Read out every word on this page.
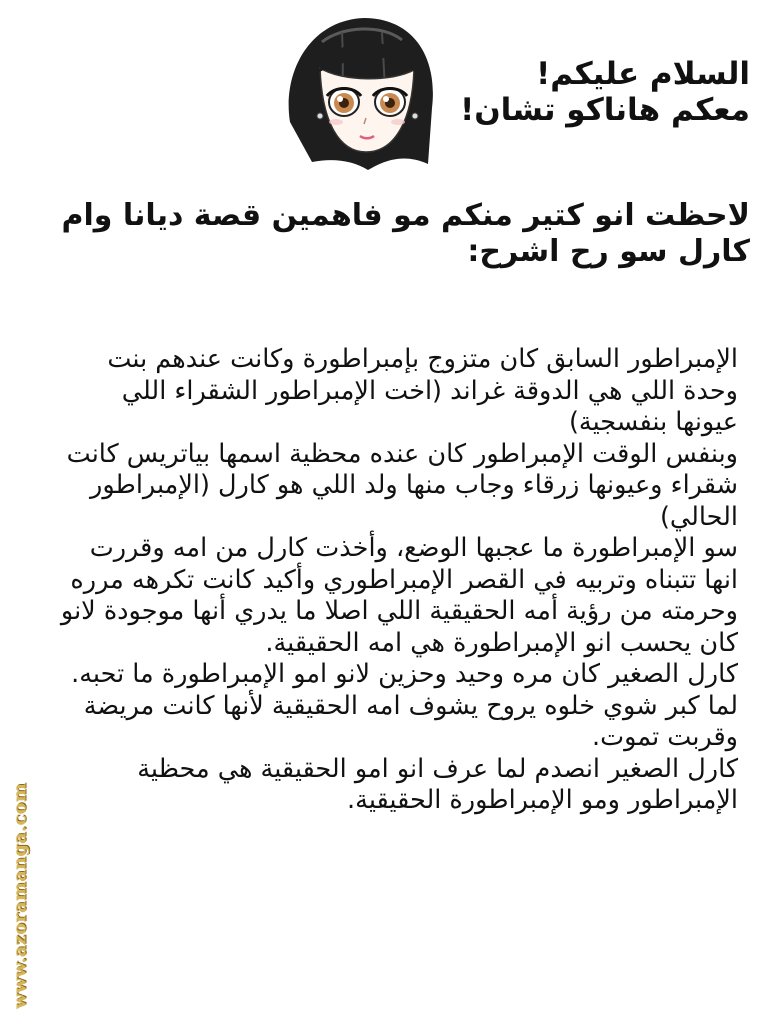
السلام عليكم!

معكم هاناكو تشان!

لاحظت انو كتير منكم مو فاهمين قصة ديانا وام كارل سو رح اشرح:

الإمبراطور السابق كان متزوج بإمبراطورة وكانت عندهم بنت وحدة اللي هي الدوقة غراند (اخت الإمبراطور الشقراء اللي عيونها بنفسجية)

وبنفس الوقت الإمبراطور كان عنده محظية اسمها بياتريس كانت شقراء وعيونها زرقاء وجاب منها ولد اللي هو كارل (الإمبراطور الحالي)

سو الإمبراطورة ما عجبها الوضع، وأخذت كارل من امه وقررت انها تتبناه وتربيه في القصر الإمبراطوري وأكيد كانت تكرهه مرره وحرمته من رؤية أمه الحقيقية اللي اصلا ما يدري أنها موجودة لانو كان يحسب انو الإمبراطورة هي امه الحقيقية.

كارل الصغير كان مره وحيد وحزين لانو امو الإمبراطورة ما تحبه.

لما كبر شوي خلوه يروح يشوف امه الحقيقية لأنها كانت مريضة وقربت تموت.

كارل الصغير انصدم لما عرف انو امو الحقيقية هي محظية الإمبراطور ومو الإمبراطورة الحقيقية.

www.azoramanga.com
